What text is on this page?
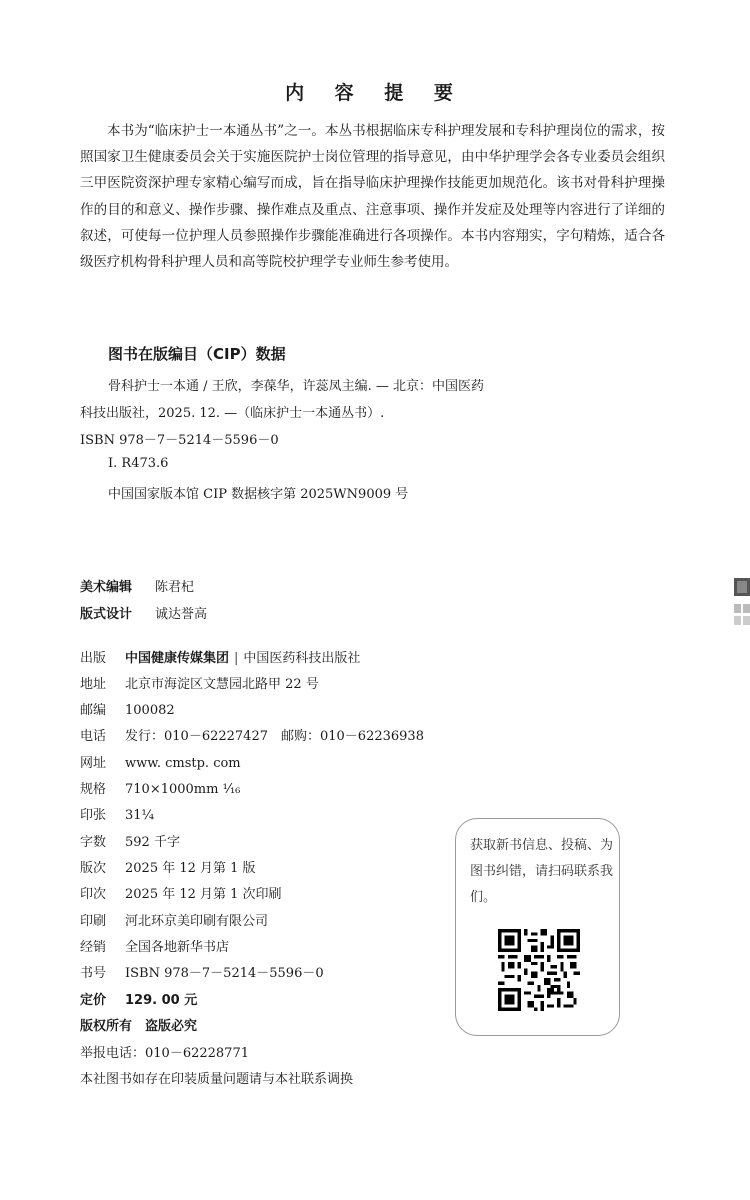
内 容 提 要
本书为“临床护士一本通丛书”之一。本丛书根据临床专科护理发展和专科护理岗位的需求，按照国家卫生健康委员会关于实施医院护士岗位管理的指导意见，由中华护理学会各专业委员会组织三甲医院资深护理专家精心编写而成，旨在指导临床护理操作技能更加规范化。该书对骨科护理操作的目的和意义、操作步骤、操作难点及重点、注意事项、操作并发症及处理等内容进行了详细的叙述，可使每一位护理人员参照操作步骤能准确进行各项操作。本书内容翔实，字句精炼，适合各级医疗机构骨科护理人员和高等院校护理学专业师生参考使用。
图书在版编目（CIP）数据
骨科护士一本通 / 王欣，李葆华，许蕊凤主编. — 北京：中国医药
科技出版社，2025. 12. —（临床护士一本通丛书）.
ISBN 978－7－5214－5596－0
Ⅰ. R473.6
中国国家版本馆 CIP 数据核字第 2025WN9009 号
美术编辑 陈君杞
版式设计 诚达誉高
出版 中国健康传媒集团 | 中国医药科技出版社
地址 北京市海淀区文慧园北路甲 22 号
邮编 100082
电话 发行：010－62227427　邮购：010－62236938
网址 www. cmstp. com
规格 710×1000mm ¹⁄₁₆
印张 31¼
字数 592 千字
版次 2025 年 12 月第 1 版
印次 2025 年 12 月第 1 次印刷
印刷 河北环京美印刷有限公司
经销 全国各地新华书店
书号 ISBN 978－7－5214－5596－0
定价 129. 00 元
版权所有　盗版必究
举报电话：010－62228771
本社图书如存在印装质量问题请与本社联系调换
获取新书信息、投稿、为图书纠错，请扫码联系我们。
